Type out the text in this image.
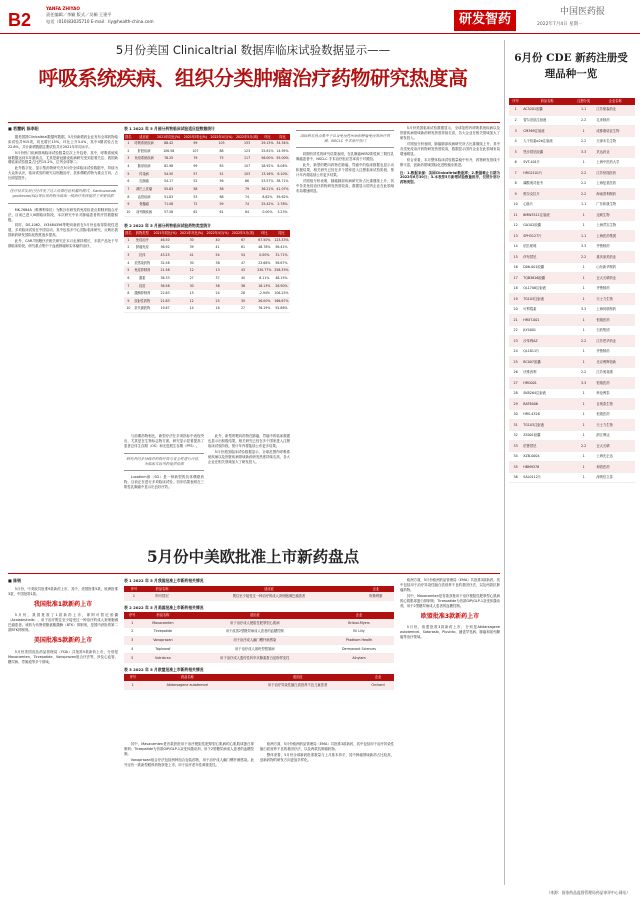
B2
YANFA ZHIYAO
责任编辑／李颖 版式／吴桐 王建平
电话（010)83035710 E-mail：liy@health-china.com	研发智药	中国医药报
2022年7月4日 星期一
5月份美国 Clinicaltrial 数据库临床试验数据显示——
呼吸系统疾病、组织分类肿瘤治疗药物研究热度高
■ 若慧帆 陈李阳

据美国国Clinicaltrial数据库数据，5月份新增药企业发布全球药物临床试验共915项，同比增长15%，环比上升3.4%，其中II期试验占比22.8%，共计新增数据注册试验共计2021年年同水平。

5月份热门疾病领域临床试验数量位次上升趋势，其中，呼吸系统疾病数据达到本年最高点，尤其是新冠肺炎疾病研究受到显著关注；我国新增临床试验数量占比约15.2%，位列全球第二。

此外数字化、显示型药物研究在5月份全球临床试验数据中，持续为大众所认识，临床试验的研究以细胞治疗、抗体偶联药物为重点方向，占比明显提升。

医疗技术发展已经改变了过去依靠经验积累的模式，Sacituzumab govitecan(SG)等抗体药物为临床一线治疗选择提供了重要依据

MK-7684A（维博利单抗）为默沙东研发的免疫检查点抑制剂组合疗法，目前已进入III期临床阶段，本次研究中针对肺癌患者的疗效数据积极。

同时，DS-1062、LY3484356等靶向新药在5月份也取得阶段性进展，多项临床试验在中国启动，其中包括多中心国际临床研究，反映出我国新药研发国际化程度逐步提高。

此外，CAR-T细胞疗法相关研究在本月也保持增长，多款产品处于早期临床阶段，研究重点集中于血液肿瘤和实体瘤的治疗。

表 1 2022 年 5 月部分药物临床试验适应症数据统计
排名	适应症	2021年同比(%)	2021年环比(%)	2022年4月(%)	2022年5月(项)	环比	同比
1	呼吸系统疾病	88.42	99	103	133	29.13%	34.34%
2	肝脏疾病	106.58	107	88	123	25.61%	14.95%
3	免疫系统疾病	78.25	79	75	117	56.00%	55.00%
4	肺部疾病	82.98	99	83	107	28.92%	8.08%
5	传染病	54.50	57	51	103	13.16%	6.10%
6	乳腺癌	54.17	52	56	86	53.57%	38.71%
7	淋巴上皮瘤	55.83	58	58	79	36.21%	41.07%
8	血管疾病	51.83	53	68	74	8.82%	39.62%
9	骨髓瘤	71.08	72	59	74	25.42%	2.78%
10	前列腺疾病	57.58	62	61	64	0.00%	3.23%
表 2 2022 年 5 月部分药物临床试验药物类型统计
排名	药物类型	2021年同比(%)	2021年环比(%)	2022年4月(%)	2022年5月(项)	环比	同比
1	免疫治疗	46.50	30	40	67	67.50%	123.33%
2	肿瘤免疫	36.92	39	41	61	48.78%	56.41%
3	抗体	43.25	41	54	54	0.00%	31.71%
4	抗感染药物	32.58	30	38	47	23.68%	56.67%
5	免疫抑制剂	21.58	12	13	43	230.77%	258.33%
6	激素	36.33	27	37	40	8.11%	48.15%
7	疫苗	36.58	30	36	38	16.13%	26.90%
8	激酶抑制剂	22.83	15	24	28	-2.94%	106.25%
9	放射性药物	21.83	12	25	30	26.00%	166.67%
10	抗代谢药物	19.67	14	16	27	76.19%	92.86%

与前期药物相比，新型疗法在多项指标中表现突出，尤其是在生物标志物方面，研究显示显著提高了患者总体生存期（OS）和无进展生存期（PFS）。

研究者同步持续对药物疗效与安全性进行评估，为临床实际用药提供依据

Luxatinm嵌（SG）是一种新型的抗体偶联药物，目前正在进行多项临床试验，初步结果表明在三阴性乳腺癌中显示出良好疗效。

此外，新型的靶向药物在肺癌、胃癌中的临床数据也显示出积极结果，相关研究已经在多个国家进入注册临床试验阶段，预计年内将陆续公布更多结果。

5月份美国临床试验数据显示，全球范围内呼吸系统疾病以及肝脏疾病领域新药研发热度持续走高，各大企业在相关领域加大了研发投入。

国际研发热点集中于自身免疫性疾病和肿瘤免疫等治疗领域，NSCLC 手术治疗热门

同期有效性的研究结果表明，在乳腺癌HER2阴性和三阴性乳腺癌患者中，NSCLC 手术治疗组应答率高于对照组。

此外，新型的靶向药物在肺癌、胃癌中的临床数据也显示出积极结果，相关研究已经在多个国家进入注册临床试验阶段，预计年内将陆续公布更多结果。

对照组分析表明，肺癌肺部疾病研究所占比重继续上升，其中各类免疫治疗药物研发热度较高，数据显示国内企业在此领域布局增速明显。

5月份美国临床试验数据显示，全球范围内呼吸系统疾病以及肝脏疾病领域新药研发热度持续走高，各大企业在相关领域加大了研发投入。

对照组分析表明，肺癌肺部疾病研究所占比重继续上升，其中各类免疫治疗药物研发热度较高，数据显示国内企业在此领域布局增速明显。

综合来看，本月整体临床试验数量稳中有升，药物研发管线不断丰富，创新药领域国际化进程稳步推进。

注：1.数据来源：美国Clinicaltrial数据库；2.数据截止日期为2022年6月30日；3.本表按5月新增试验数量排序，仅统计部分药物类型。

5月份中美欧批准上市新药盘点
■ 陈银

5月份，中美欧共批准9款新药上市，其中，美国批准5款，欧洲批准3款，中国批准1款。

我国批准1款新药上市

5月份，我国批准了1款新药上市，即阿可替尼胶囊（Acalabrutinib），用于治疗既往至少接受过一种治疗的成人套细胞淋巴瘤患者。该药为布鲁顿酪氨酸激酶（BTK）抑制剂，是国内获批的第二款BTK抑制剂。

美国批准5款新药上市

5月份美国食品药品管理局（FDA）共批准5款新药上市，分别是Mavacamten、Tirzepatide、Vonoprazan组合疗法等，涉及心血管、糖尿病、胃肠道等多个领域。

表 1 2022 年 5 月我国批准上市新药相关情况
序号	药品名称	适应症	企业
1	阿可替尼	既往至少接受过一种治疗的成人套细胞淋巴瘤患者	阿斯利康
表 2 2022 年 5 月美国批准上市新药相关情况
序号	药品名称	适应症	企业
1	Mavacamten	用于治疗成人梗阻性肥厚型心肌病	Bristol-Myers
2	Tirzepatide	用于改善2型糖尿病成人患者的血糖控制	Eli Lilly
3	Vonoprazan	用于治疗成人幽门螺杆菌感染	Phathom Health
4	Tapinarof	用于治疗成人斑块型银屑病	Dermavant Sciences
5	Vutrisiran	用于治疗成人遗传性转甲状腺素蛋白淀粉样变性	Alnylam
表 3 2022 年 5 月欧盟批准上市新药相关情况
序号	药品名称	适应症	企业
1	Atidarsagene autotemcel	用于治疗异染性脑白质营养不良儿童患者	Orchard

其中，Mavacamten是首款获批用于治疗梗阻性肥厚型心肌病的心肌肌球蛋白抑制剂；Tirzepatide为首款GIP/GLP-1双受体激动剂，用于2型糖尿病成人患者的血糖控制。

Vonoprazan组合疗法包括两种组合包装药物，用于治疗成人幽门螺杆菌感染。此外还有一款新型眼科药物获批上市，用于治疗老年性黄斑变性。

欧洲方面，5月份欧洲药品管理局（EMA）共批准3款新药，其中包括用于治疗异染性脑白质营养不良的基因疗法，以及两款抗肿瘤药物。

整体来看，5月份全球新药批准数量与上月基本持平，其中肿瘤领域新药占比较高，创新药物的研发方向更加多样化。

欧洲方面，5月份欧洲药品管理局（EMA）共批准3款新药，其中包括用于治疗异染性脑白质营养不良的基因疗法，以及两款抗肿瘤药物。

其中，Mavacamten是首款获批用于治疗梗阻性肥厚型心肌病的心肌肌球蛋白抑制剂；Tirzepatide为首款GIP/GLP-1双受体激动剂，用于2型糖尿病成人患者的血糖控制。

欧盟批准3款新药上市

5月份，欧盟批准3款新药上市，分别是Atidarsagene autotemcel、Sotorasib、Pluvicto，涵盖罕见病、肺癌和前列腺癌等治疗领域。

6月份 CDE 新药注册受理品种一览
序号	药品名称	注册分类	企业名称
1	AC5201胶囊	1.1	江苏豪森药业
2	替尔泊肽注射液	2.2	礼来制药
3	CM369注射液	1	成都康诺亚生物
4	人干扰素α2b注射液	2.2	天津未名生物
5	恩沙替尼胶囊	3.3	贝达药业
6	SVT-401片	1	上海中医药大学
7	HRG2101片	2.2	江苏恒瑞医药
8	磷酸奥司他韦	2.2	上海复星医药
9	维奈克拉片	2.2	海南普利制药
10	心脉片	1.1	广东和康生物
11	6MW3511注射液	1	迈威生物
12	GA102胶囊	1	上海君实生物
13	SPH3127片	1.1	上海医药集团
14	依匹哌唑	3.3	齐鲁制药
15	伊布替尼	2.2	重庆莱美药业
16	D06-001胶囊	1	山东新华制药
17	TQB3616胶囊	1	正大天晴药业
18	QL1706注射液	1	齐鲁制药
19	TG103注射液	1	天士力生物
20	可利霉素	3.3	上海同联制药
21	HRXT-001	1	恒瑞医药
22	JLY4001	1	石药集团
23	沙苯利AZ	2.2	江苏恩华药业
24	QL1811片	1	齐鲁制药
25	BC007胶囊	1	北京博辉创新
26	伏维西利	2.2	江苏奥赛康
27	HRG001	3.3	恒瑞医药
28	SKB264注射液	1	科伦博泰
29	BAT8006	1	百奥泰生物
30	HRS-4326	1	恒瑞医药
31	TG103注射液	1	天士力生物
32	ZS001胶囊	1	浙江博达
33	依鲁替尼	2.2	正大天晴
34	XZB-0004	1	上海先正达
35	HBM9378	1	和铂医药
36	SAL0112片	1	深圳信立泰
（来源：国家药品监督管理局药品审评中心网站）
